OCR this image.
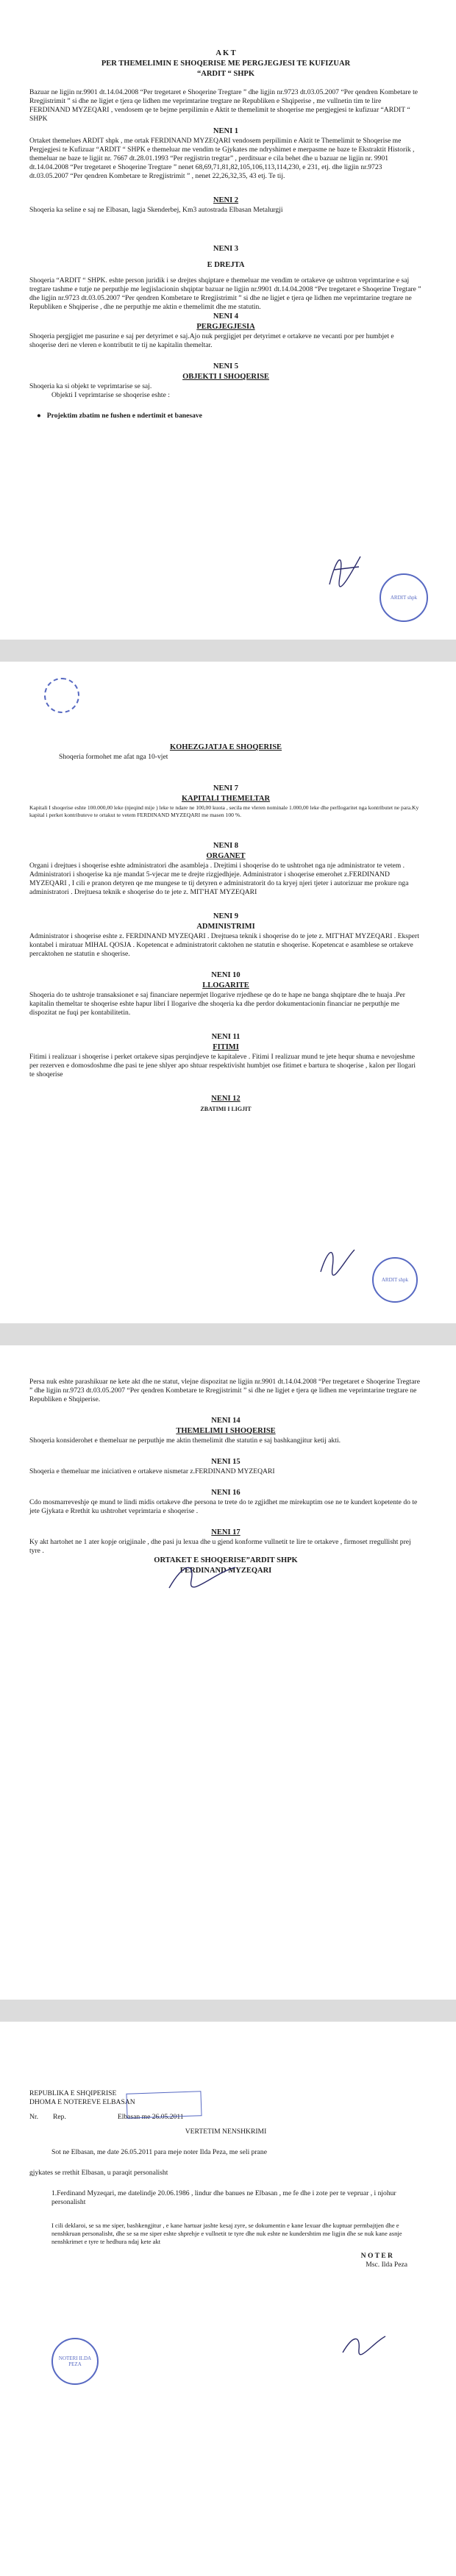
A K T

PER THEMELIMIN E SHOQERISE ME PERGJEGJESI TE KUFIZUAR

“ARDIT “ SHPK

Bazuar ne ligjin nr.9901 dt.14.04.2008 “Per tregetaret e Shoqerine Tregtare ” dhe ligjin nr.9723 dt.03.05.2007 “Per qendren Kombetare te Rregjistrimit ” si dhe ne ligjet e tjera qe lidhen me veprimtarine tregtare ne Republiken e Shqiperise , me vullnetin tim te lire FERDINAND MYZEQARI , vendosem qe te bejme perpilimin e Aktit te themelimit te shoqerise me pergjegjesi te kufizuar “ARDIT “ SHPK

NENI 1

Ortaket themelues ARDIT shpk , me ortak FERDINAND MYZEQARI vendosem perpilimin e Aktit te Themelimit te Shoqerise me Pergjegjesi te Kufizuar “ARDIT “ SHPK e themeluar me vendim te Gjykates me ndryshimet e merpasme ne baze te Ekstraktit Historik , themeluar ne baze te ligjit nr. 7667 dt.28.01.1993 “Per regjistrin tregtar” , perditsuar e cila behet dhe u bazuar ne ligjin nr. 9901 dt.14.04.2008 “Per tregetaret e Shoqerine Tregtare ” nenet 68,69,71,81,82,105,106,113,114,230, e 231, etj. dhe ligjin nr.9723 dt.03.05.2007 “Per qendren Kombetare te Rregjistrimit ” , nenet 22,26,32,35, 43 etj. Te tij.

NENI 2

Shoqeria ka seline e saj ne Elbasan, lagja Skenderbej, Km3 autostrada Elbasan Metalurgji

NENI 3

E DREJTA

Shoqeria “ARDIT “ SHPK. eshte person juridik i se drejtes shqiptare e themeluar me vendim te ortakeve qe ushtron veprimtarine e saj tregtare tashme e tutje ne perputhje me legjislacionin shqiptar bazuar ne ligjin nr.9901 dt.14.04.2008 “Per tregetaret e Shoqerine Tregtare ” dhe ligjin nr.9723 dt.03.05.2007 “Per qendren Kombetare te Rregjistrimit ” si dhe ne ligjet e tjera qe lidhen me veprimtarine tregtare ne Republiken e Shqiperise , dhe ne perputhje me aktin e themelimit dhe me statutin.

NENI 4

PERGJEGJESIA

Shoqeria pergjigjet me pasurine e saj per detyrimet e saj.Ajo nuk pergjigjet per detyrimet e ortakeve ne vecanti por per humbjet e shoqerise deri ne vleren e kontributit te tij ne kapitalin themeltar.

NENI 5

OBJEKTI I SHOQERISE

Shoqeria ka si objekt te veprimtarise se saj.

Objekti I veprimtarise se shoqerise eshte :

● Projektim zbatim ne fushen e ndertimit et banesave
ARDIT shpk

KOHEZGJATJA E SHOQERISE

Shoqeria formohet me afat nga 10-vjet

NENI 7

KAPITALI THEMELTAR

Kapitali I shoqerise eshte 100.000,00 leke (njeqind mije ) leke te ndare ne 100,00 kuota , secila me vleren nominale 1.000,00 leke dhe perllogaritet nga kontributet ne para.Ky kapital i perket kontributeve te ortakut te vetem FERDINAND MYZEQARI me masen 100 %.

NENI 8

ORGANET

Organi i drejtues i shoqerise eshte administratori dhe asambleja . Drejtimi i shoqerise do te ushtrohet nga nje administrator te vetem . Administratori i shoqerise ka nje mandat 5-vjecar me te drejte rizgjedhjeje. Administrator i shoqerise emerohet z.FERDINAND MYZEQARI , I cili e pranon detyren qe me mungese te tij detyren e administratorit do ta kryej njeri tjeter i autorizuar me prokure nga administratori . Drejtuesa teknik e shoqerise do te jete z. MIT'HAT MYZEQARI

NENI 9

ADMINISTRIMI

Administrator i shoqerise eshte z. FERDINAND MYZEQARI . Drejtuesa teknik i shoqerise do te jete z. MIT'HAT MYZEQARI . Ekspert kontabel i miratuar MIHAL QOSJA . Kopetencat e administratorit caktohen ne statutin e shoqerise. Kopetencat e asamblese se ortakeve percaktohen ne statutin e shoqerise.

NENI 10

LLOGARITE

Shoqeria do te ushtroje transaksionet e saj financiare nepermjet llogarive rrjedhese qe do te hape ne banga shqiptare dhe te huaja .Per kapitalin themeltar te shoqerise eshte hapur librí I llogarive dhe shoqeria ka dhe perdor dokumentacionin financiar ne perputhje me dispozitat ne fuqi per kontabilitetin.

NENI 11

FITIMI

Fitimi i realizuar i shoqerise i perket ortakeve sipas perqindjeve te kapitaleve . Fitimi I realizuar mund te jete hequr shuma e nevojeshme per rezerven e domosdoshme dhe pasi te jene shlyer apo shtuar respektivisht humbjet ose fitimet e bartura te shoqerise , kalon per llogari te shoqerise

NENI 12

ZBATIMI I LIGJIT

ARDIT shpk

Persa nuk eshte parashikuar ne kete akt dhe ne statut, vlejne dispozitat ne ligjin nr.9901 dt.14.04.2008 “Per tregetaret e Shoqerine Tregtare ” dhe ligjin nr.9723 dt.03.05.2007 “Per qendren Kombetare te Rregjistrimit ” si dhe ne ligjet e tjera qe lidhen me veprimtarine tregtare ne Republiken e Shqiperise.

NENI 14

THEMELIMI I SHOQERISE

Shoqeria konsiderohet e themeluar ne perputhje me aktin themelimit dhe statutin e saj bashkangjitur ketij akti.

NENI 15

Shoqeria e themeluar me iniciativen e ortakeve nismetar z.FERDINAND MYZEQARI

NENI 16

Cdo mosmarreveshje qe mund te lindi midis ortakeve dhe persona te trete do te zgjidhet me mirekuptim ose ne te kundert kopetente do te jete Gjykata e Rrethit ku ushtrohet veprimtaria e shoqerise .

NENI 17

Ky akt hartohet ne 1 ater kopje origjinale , dhe pasi ju lexua dhe u gjend konforme vullnetit te lire te ortakeve , firmoset rregullisht prej tyre .

ORTAKET E SHOQERISE”ARDIT SHPK

FERDINAND MYZEQARI

REPUBLIKA E SHQIPERISE

DHOMA E NOTEREVE ELBASAN

Nr. Rep.	Elbasan me 26.05.2011

VERTETIM NENSHKRIMI

Sot ne Elbasan, me date 26.05.2011 para meje noter Ilda Peza, me seli prane

gjykates se rrethit Elbasan, u paraqit personalisht

1.Ferdinand Myzeqari, me datelindje 20.06.1986 , lindur dhe banues ne Elbasan , me fe dhe i zote per te vepruar , i njohur personalisht

I cili deklaroi, se sa me siper, bashkengjitur , e kane hartuar jashte kesaj zyre, se dokumentin e kane lexuar dhe kuptuar permbajtjen dhe e nenshkruan personalisht, dhe se sa me siper eshte shprehje e vullnetit te tyre dhe nuk eshte ne kundershtim me ligjin dhe se nuk kane asnje nenshkrimet e tyre te hedhura ndaj kete akt

N O T E R

Msc. Ilda Peza

NOTERI ILDA PEZA
